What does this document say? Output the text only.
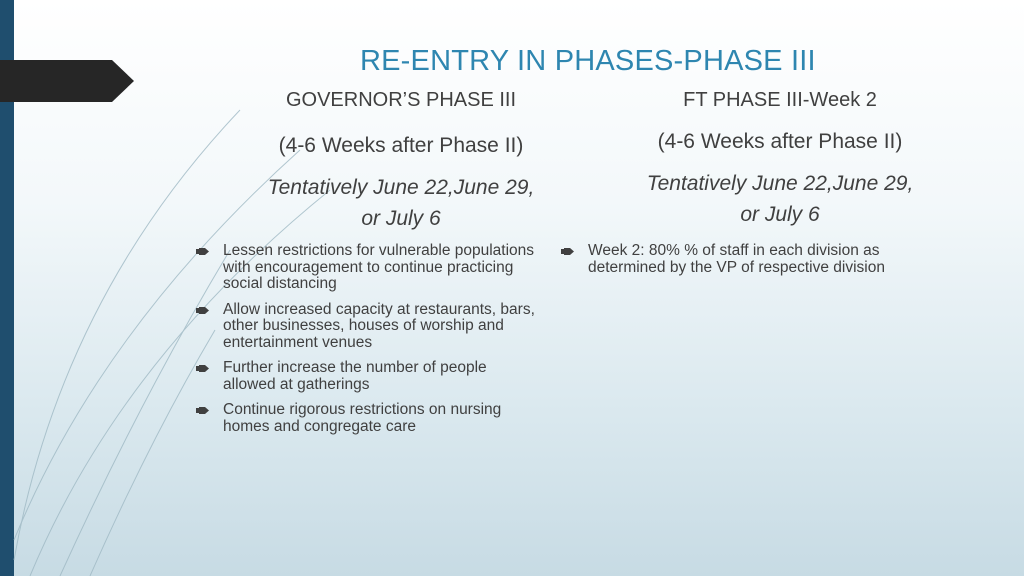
RE-ENTRY IN PHASES-PHASE III
GOVERNOR’S PHASE III
(4-6 Weeks after Phase II)
Tentatively June 22,June 29,
or July 6
Lessen restrictions for vulnerable populations with encouragement to continue practicing social distancing
Allow increased capacity at restaurants, bars, other businesses, houses of worship and entertainment venues
Further increase the number of people allowed at gatherings
Continue rigorous restrictions on nursing homes and congregate care
FT PHASE III-Week 2
(4-6 Weeks after Phase II)
Tentatively June 22,June 29,
or July 6
Week 2: 80% % of staff in each division as determined by the VP of respective division
